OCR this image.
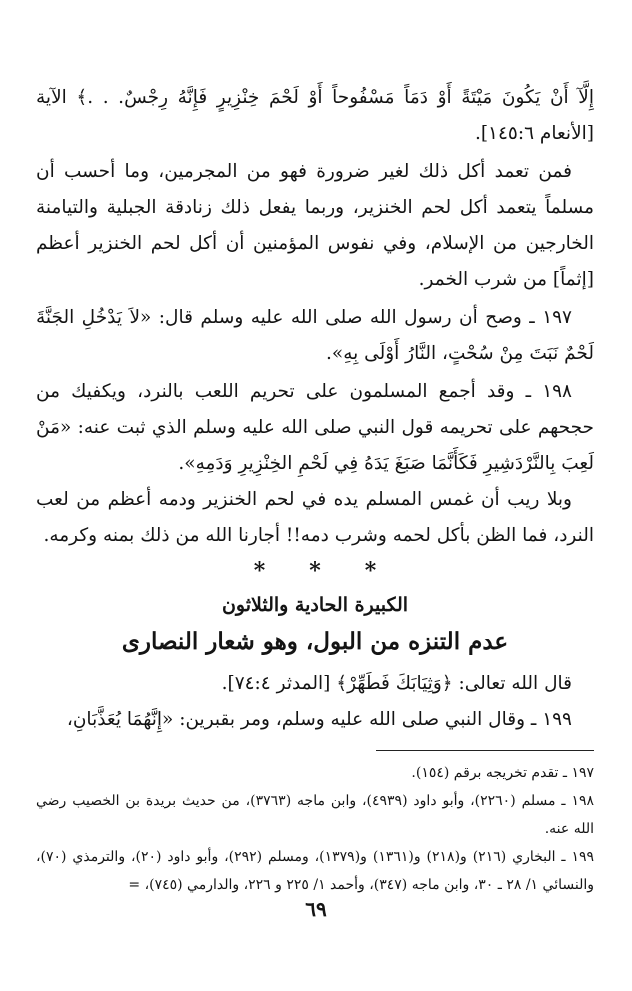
إِلَّآ أَنْ يَكُونَ مَيْتَةً أَوْ دَمَاً مَسْفُوحاً أَوْ لَحْمَ خِنْزِيرٍ فَإِنَّهُ رِجْسٌ. . .﴾ الآية [الأنعام ١٤٥:٦].

فمن تعمد أكل ذلك لغير ضرورة فهو من المجرمين، وما أحسب أن مسلماً يتعمد أكل لحم الخنزير، وربما يفعل ذلك زنادقة الجبلية والتيامنة الخارجين من الإسلام، وفي نفوس المؤمنين أن أكل لحم الخنزير أعظم [إثماً] من شرب الخمر.

١٩٧ ـ وصح أن رسول الله صلى الله عليه وسلم قال: «لاَ يَدْخُلِ الجَنَّةَ لَحْمٌ نَبَتَ مِنْ سُحْتٍ، النَّارُ أَوْلَى بِهِ».

١٩٨ ـ وقد أجمع المسلمون على تحريم اللعب بالنرد، ويكفيك من حجحهم على تحريمه قول النبي صلى الله عليه وسلم الذي ثبت عنه: «مَنْ لَعِبَ بِالنَّرْدَشِيرِ فَكَأَنَّمَا صَبَغَ يَدَهُ فِي لَحْمِ الخِنْزِيرِ وَدَمِهِ».

وبلا ريب أن غمس المسلم يده في لحم الخنزير ودمه أعظم من لعب النرد، فما الظن بأكل لحمه وشرب دمه!! أجارنا الله من ذلك بمنه وكرمه.

* * *
الكبيرة الحادية والثلاثون
عدم التنزه من البول، وهو شعار النصارى

قال الله تعالى: ﴿وَثِيَابَكَ فَطَهِّرْ﴾ [المدثر ٧٤:٤].

١٩٩ ـ وقال النبي صلى الله عليه وسلم، ومر بقبرين: «إِنَّهُمَا يُعَذَّبَانِ،

١٩٧ ـ تقدم تخريجه برقم (١٥٤).

١٩٨ ـ مسلم (٢٢٦٠)، وأبو داود (٤٩٣٩)، وابن ماجه (٣٧٦٣)، من حديث بريدة بن الخصيب رضي الله عنه.

١٩٩ ـ البخاري (٢١٦) و(٢١٨) و(١٣٦١) و(١٣٧٩)، ومسلم (٢٩٢)، وأبو داود (٢٠)، والترمذي (٧٠)، والنسائي ١/ ٢٨ ـ ٣٠، وابن ماجه (٣٤٧)، وأحمد ١/ ٢٢٥ و ٢٢٦، والدارمي (٧٤٥)، =

٦٩
